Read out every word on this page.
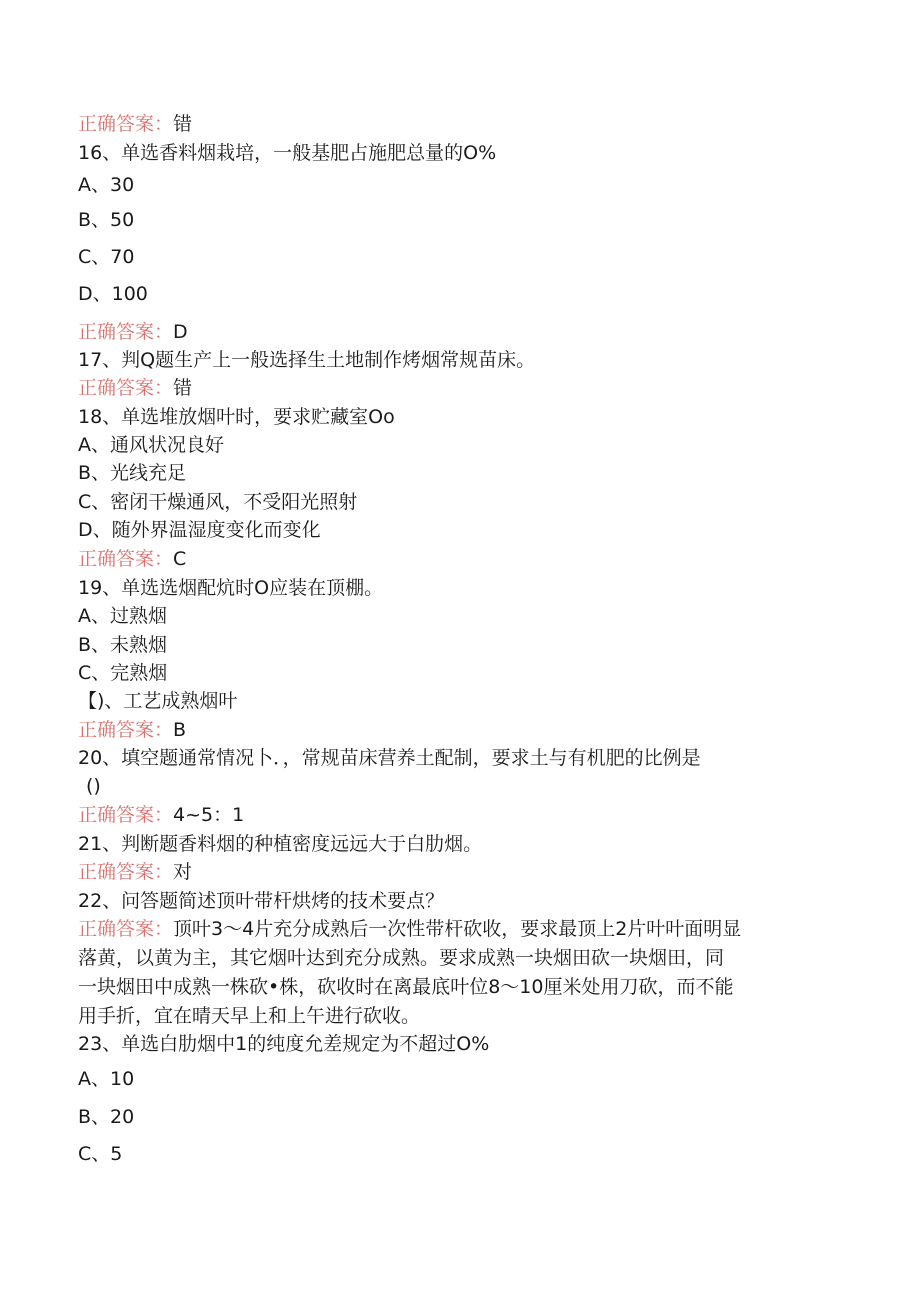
正确答案：错
16、单选香料烟栽培，一般基肥占施肥总量的O%
A、30
B、50
C、70
D、100
正确答案：D
17、判Q题生产上一般选择生土地制作烤烟常规苗床。
正确答案：错
18、单选堆放烟叶时，要求贮藏室Oo
A、通风状况良好
B、光线充足
C、密闭干燥通风，不受阳光照射
D、随外界温湿度变化而变化
正确答案：C
19、单选选烟配炕时O应装在顶棚。
A、过熟烟
B、未熟烟
C、完熟烟
【)、工艺成熟烟叶
正确答案：B
20、填空题通常情况卜．，常规苗床营养土配制，要求土与有机肥的比例是
()
正确答案：4~5：1
21、判断题香料烟的种植密度远远大于白肋烟。
正确答案：对
22、问答题简述顶叶带杆烘烤的技术要点？
正确答案：顶叶3～4片充分成熟后一次性带杆砍收，要求最顶上2片叶叶面明显
落黄，以黄为主，其它烟叶达到充分成熟。要求成熟一块烟田砍一块烟田，同
一块烟田中成熟一株砍•株，砍收时在离最底叶位8～10厘米处用刀砍，而不能
用手折，宜在晴天早上和上午进行砍收。
23、单选白肋烟中1的纯度允差规定为不超过O%
A、10
B、20
C、5
